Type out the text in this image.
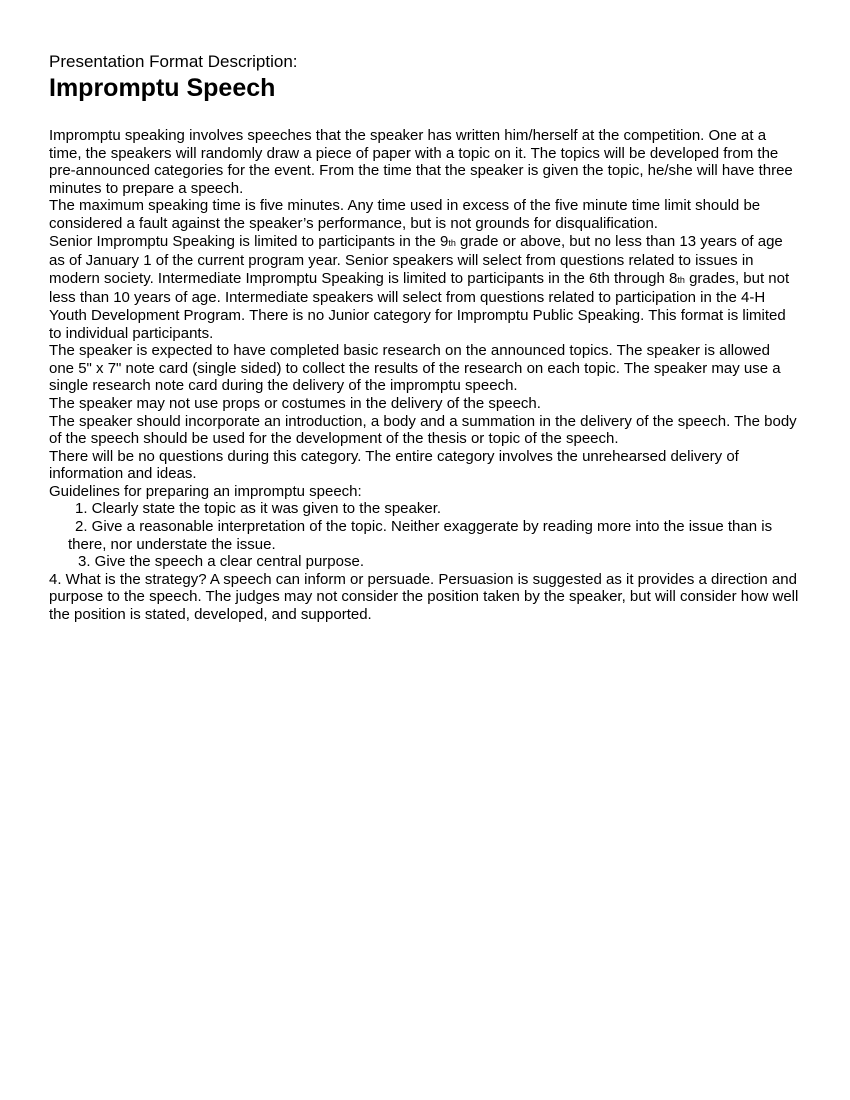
Presentation Format Description:
Impromptu Speech

Impromptu speaking involves speeches that the speaker has written him/herself at the competition. One at a time, the speakers will randomly draw a piece of paper with a topic on it. The topics will be developed from the pre-announced categories for the event. From the time that the speaker is given the topic, he/she will have three minutes to prepare a speech.

The maximum speaking time is five minutes. Any time used in excess of the five minute time limit should be considered a fault against the speaker’s performance, but is not grounds for disqualification.

Senior Impromptu Speaking is limited to participants in the 9th grade or above, but no less than 13 years of age as of January 1 of the current program year. Senior speakers will select from questions related to issues in modern society. Intermediate Impromptu Speaking is limited to participants in the 6th through 8th grades, but not less than 10 years of age. Intermediate speakers will select from questions related to participation in the 4-H Youth Development Program. There is no Junior category for Impromptu Public Speaking. This format is limited to individual participants.

The speaker is expected to have completed basic research on the announced topics. The speaker is allowed one 5" x 7" note card (single sided) to collect the results of the research on each topic. The speaker may use a single research note card during the delivery of the impromptu speech.

The speaker may not use props or costumes in the delivery of the speech.

The speaker should incorporate an introduction, a body and a summation in the delivery of the speech. The body of the speech should be used for the development of the thesis or topic of the speech.

There will be no questions during this category. The entire category involves the unrehearsed delivery of information and ideas.

Guidelines for preparing an impromptu speech:

1. Clearly state the topic as it was given to the speaker.
2. Give a reasonable interpretation of the topic. Neither exaggerate by reading more into the issue than is there, nor understate the issue.
3. Give the speech a clear central purpose.

4. What is the strategy? A speech can inform or persuade. Persuasion is suggested as it provides a direction and purpose to the speech. The judges may not consider the position taken by the speaker, but will consider how well the position is stated, developed, and supported.
